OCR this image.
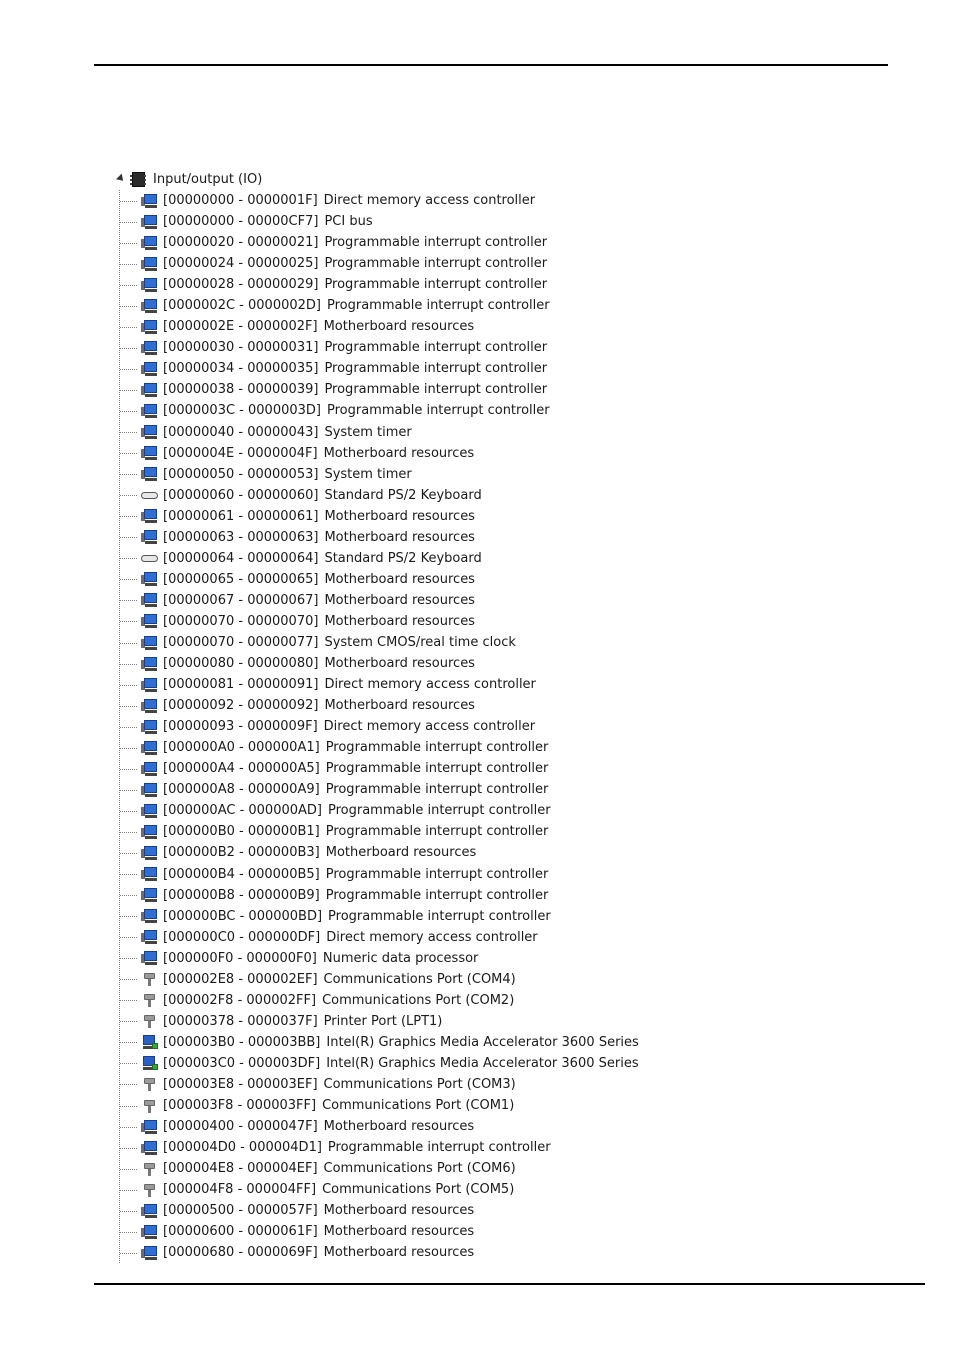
Input/output (IO)
[00000000 - 0000001F] Direct memory access controller
[00000000 - 00000CF7] PCI bus
[00000020 - 00000021] Programmable interrupt controller
[00000024 - 00000025] Programmable interrupt controller
[00000028 - 00000029] Programmable interrupt controller
[0000002C - 0000002D] Programmable interrupt controller
[0000002E - 0000002F] Motherboard resources
[00000030 - 00000031] Programmable interrupt controller
[00000034 - 00000035] Programmable interrupt controller
[00000038 - 00000039] Programmable interrupt controller
[0000003C - 0000003D] Programmable interrupt controller
[00000040 - 00000043] System timer
[0000004E - 0000004F] Motherboard resources
[00000050 - 00000053] System timer
[00000060 - 00000060] Standard PS/2 Keyboard
[00000061 - 00000061] Motherboard resources
[00000063 - 00000063] Motherboard resources
[00000064 - 00000064] Standard PS/2 Keyboard
[00000065 - 00000065] Motherboard resources
[00000067 - 00000067] Motherboard resources
[00000070 - 00000070] Motherboard resources
[00000070 - 00000077] System CMOS/real time clock
[00000080 - 00000080] Motherboard resources
[00000081 - 00000091] Direct memory access controller
[00000092 - 00000092] Motherboard resources
[00000093 - 0000009F] Direct memory access controller
[000000A0 - 000000A1] Programmable interrupt controller
[000000A4 - 000000A5] Programmable interrupt controller
[000000A8 - 000000A9] Programmable interrupt controller
[000000AC - 000000AD] Programmable interrupt controller
[000000B0 - 000000B1] Programmable interrupt controller
[000000B2 - 000000B3] Motherboard resources
[000000B4 - 000000B5] Programmable interrupt controller
[000000B8 - 000000B9] Programmable interrupt controller
[000000BC - 000000BD] Programmable interrupt controller
[000000C0 - 000000DF] Direct memory access controller
[000000F0 - 000000F0] Numeric data processor
[000002E8 - 000002EF] Communications Port (COM4)
[000002F8 - 000002FF] Communications Port (COM2)
[00000378 - 0000037F] Printer Port (LPT1)
[000003B0 - 000003BB] Intel(R) Graphics Media Accelerator 3600 Series
[000003C0 - 000003DF] Intel(R) Graphics Media Accelerator 3600 Series
[000003E8 - 000003EF] Communications Port (COM3)
[000003F8 - 000003FF] Communications Port (COM1)
[00000400 - 0000047F] Motherboard resources
[000004D0 - 000004D1] Programmable interrupt controller
[000004E8 - 000004EF] Communications Port (COM6)
[000004F8 - 000004FF] Communications Port (COM5)
[00000500 - 0000057F] Motherboard resources
[00000600 - 0000061F] Motherboard resources
[00000680 - 0000069F] Motherboard resources
